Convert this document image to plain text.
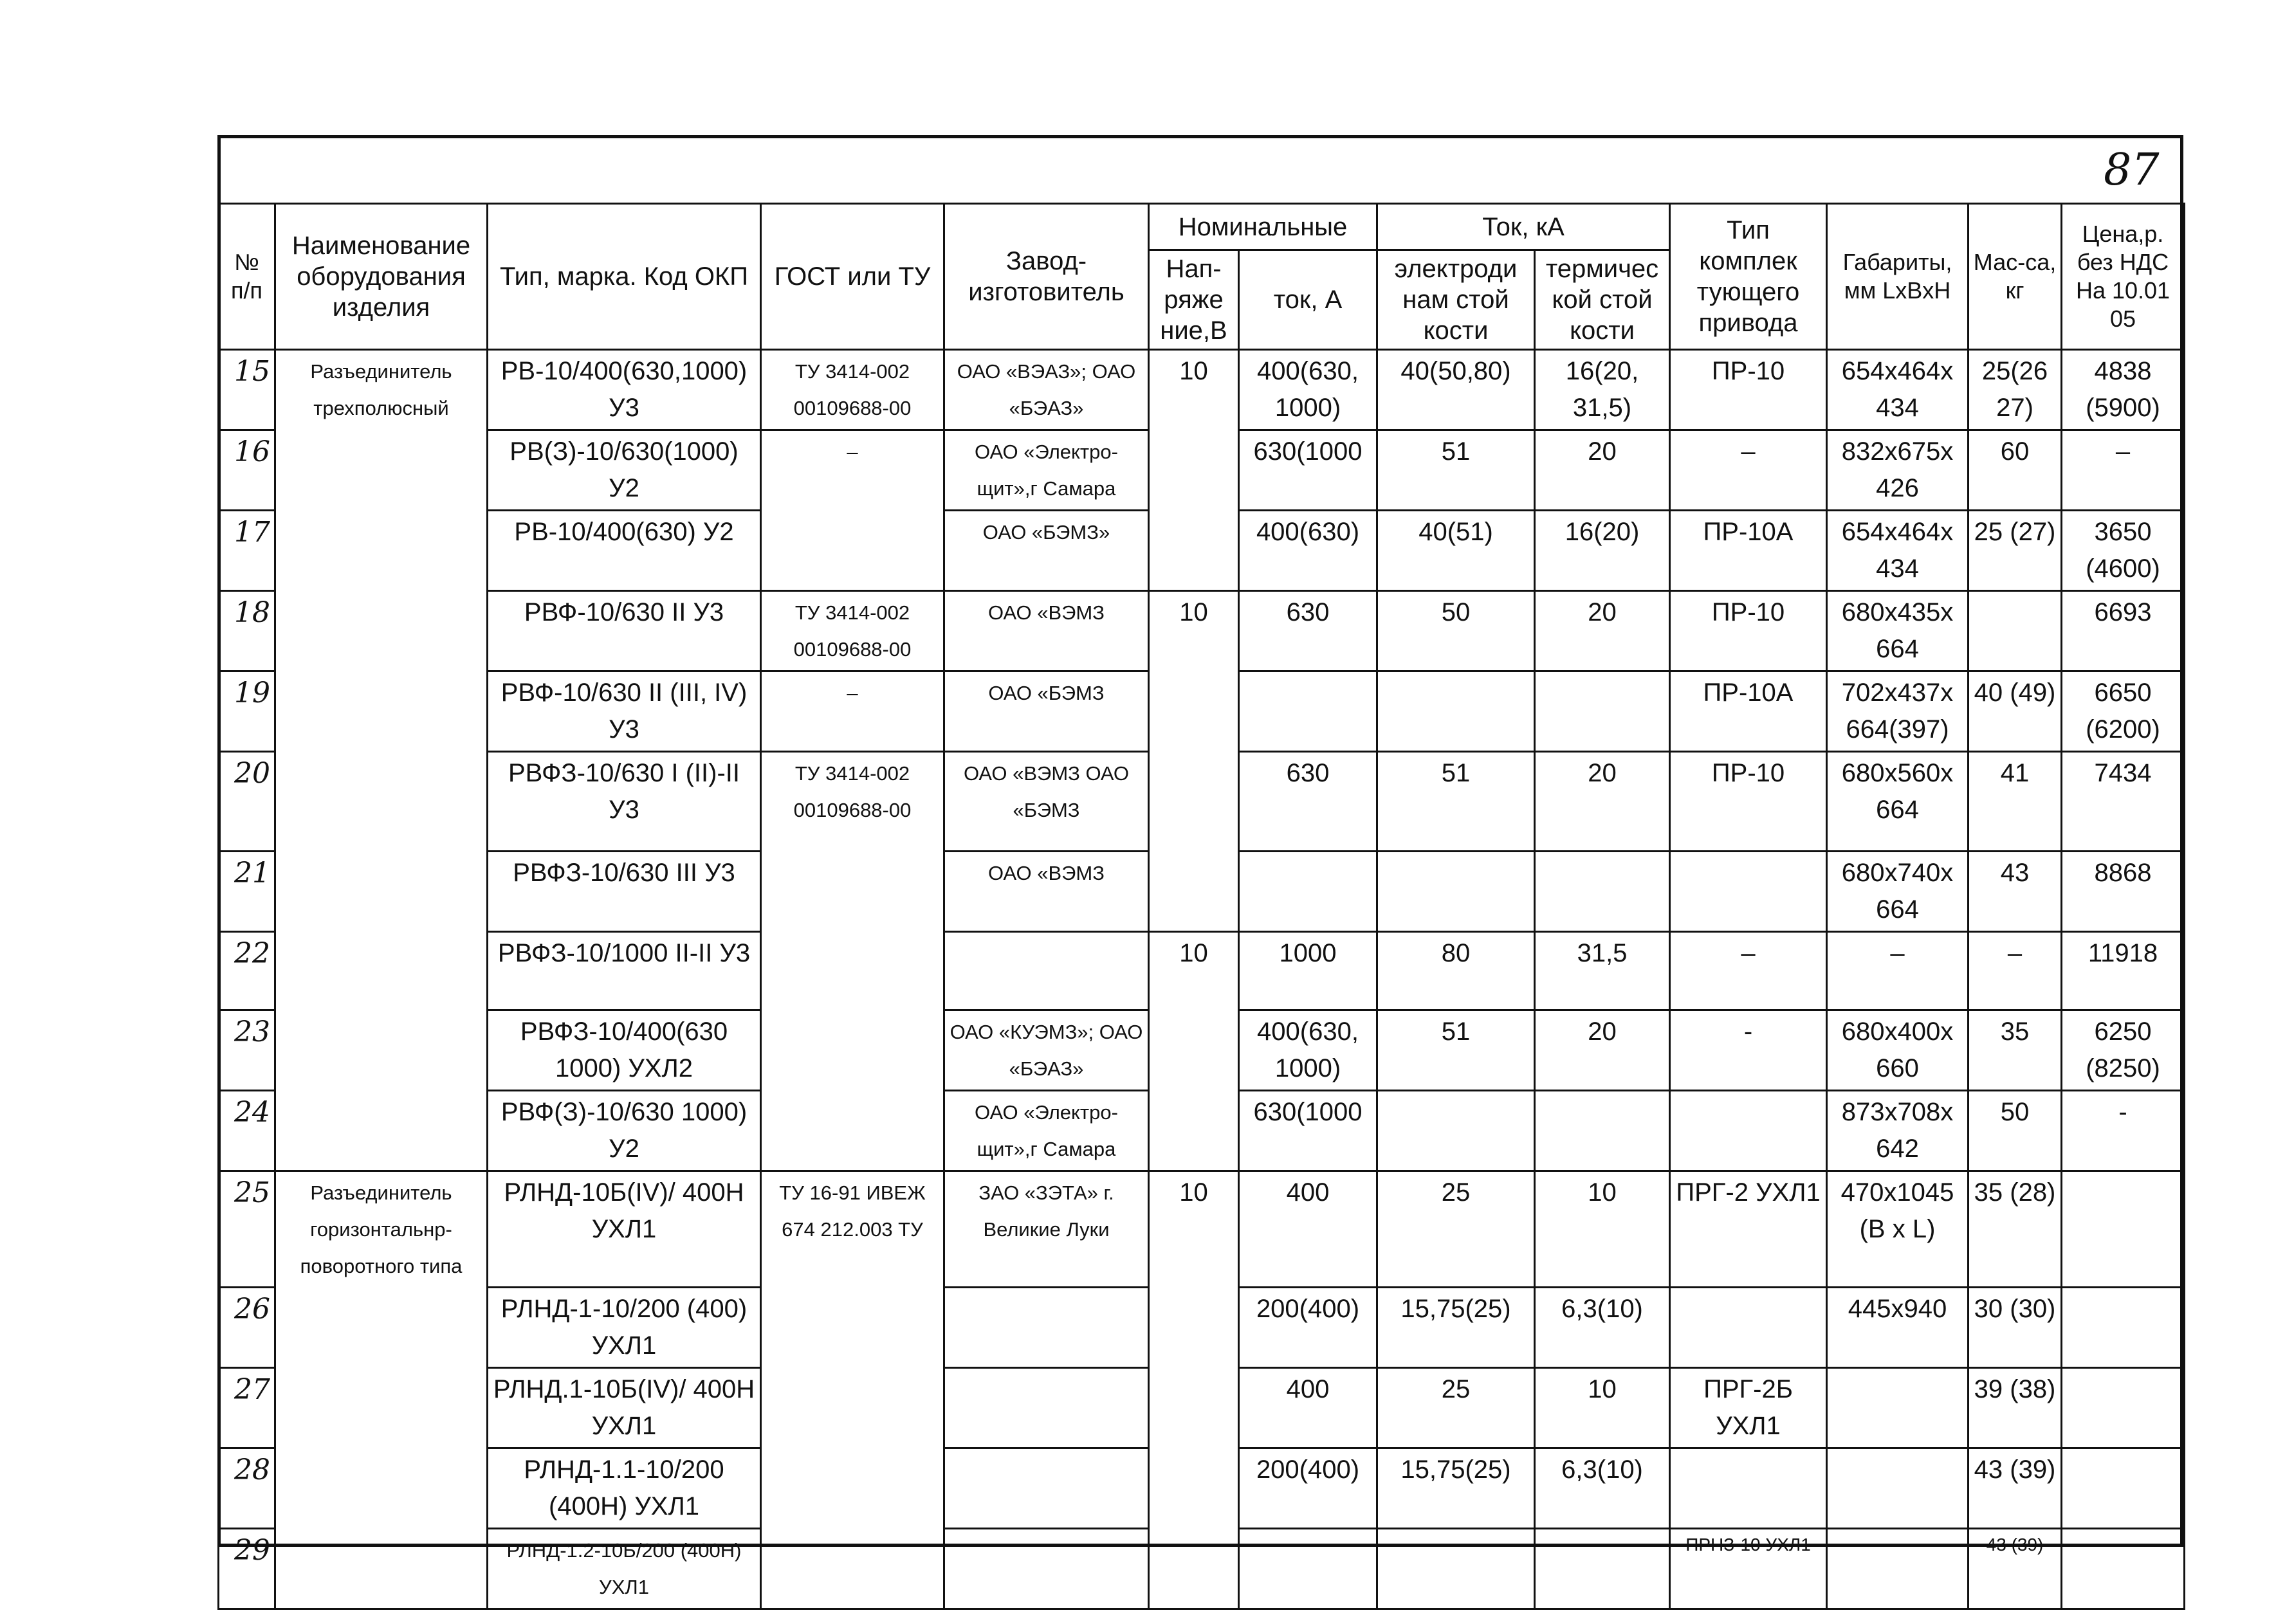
87
№ п/п	Наименование оборудования изделия	Тип, марка. Код ОКП	ГОСТ или ТУ	Завод-изготовитель	Номинальные		Ток, кА		Тип комплек тующего привода	Габариты, мм LxBxH	Мас-са, кг	Цена,р. без НДС На 10.01 05
					Нап-ряже ние,В	ток, А	электроди нам стой кости	термичес кой стой кости				
15	Разъединитель трехполюсный	РВ-10/400(630,1000) У3	ТУ 3414-002 00109688-00	ОАО «ВЭАЗ»; ОАО «БЭАЗ»	10	400(630, 1000)	40(50,80)	16(20, 31,5)	ПР-10	654x464x 434	25(26 27)	4838 (5900)
16		РВ(З)-10/630(1000) У2	–	ОАО «Электро-щит»,г Самара		630(1000	51	20	–	832x675x 426	60	–
17		РВ-10/400(630) У2		ОАО «БЭМЗ»		400(630)	40(51)	16(20)	ПР-10А	654x464x 434	25 (27)	3650 (4600)
18		РВФ-10/630 II У3	ТУ 3414-002 00109688-00	ОАО «ВЭМЗ	10	630	50	20	ПР-10	680x435x 664		6693
19		РВФ-10/630 II (III, IV) У3	–	ОАО «БЭМЗ					ПР-10А	702x437x 664(397)	40 (49)	6650 (6200)
20		РВФЗ-10/630 I (II)-II У3	ТУ 3414-002 00109688-00	ОАО «ВЭМЗ ОАО «БЭМЗ		630	51	20	ПР-10	680x560x 664	41	7434
21		РВФЗ-10/630 III У3		ОАО «ВЭМЗ						680x740x 664	43	8868
22		РВФЗ-10/1000 II-II У3			10	1000	80	31,5	–	–	–	11918
23		РВФЗ-10/400(630 1000) УХЛ2		ОАО «КУЭМЗ»; ОАО «БЭАЗ»		400(630, 1000)	51	20	-	680x400x 660	35	6250 (8250)
24		РВФ(З)-10/630 1000) У2		ОАО «Электро-щит»,г Самара		630(1000				873x708x 642	50	-
25	Разъединитель горизонтальнр-поворотного типа	РЛНД-10Б(IV)/ 400Н УХЛ1	ТУ 16-91 ИВЕЖ 674 212.003 ТУ	ЗАО «ЗЭТА» г. Великие Луки	10	400	25	10	ПРГ-2 УХЛ1	470x1045 (B x L)	35 (28)	
26		РЛНД-1-10/200 (400) УХЛ1				200(400)	15,75(25)	6,3(10)		445x940	30 (30)	
27		РЛНД.1-10Б(IV)/ 400Н УХЛ1				400	25	10	ПРГ-2Б УХЛ1		39 (38)	
28		РЛНД-1.1-10/200 (400Н) УХЛ1				200(400)	15,75(25)	6,3(10)			43 (39)	
29		РЛНД-1.2-10Б/200 (400Н) УХЛ1							ПРНЗ-10 УХЛ1		43 (39)	
